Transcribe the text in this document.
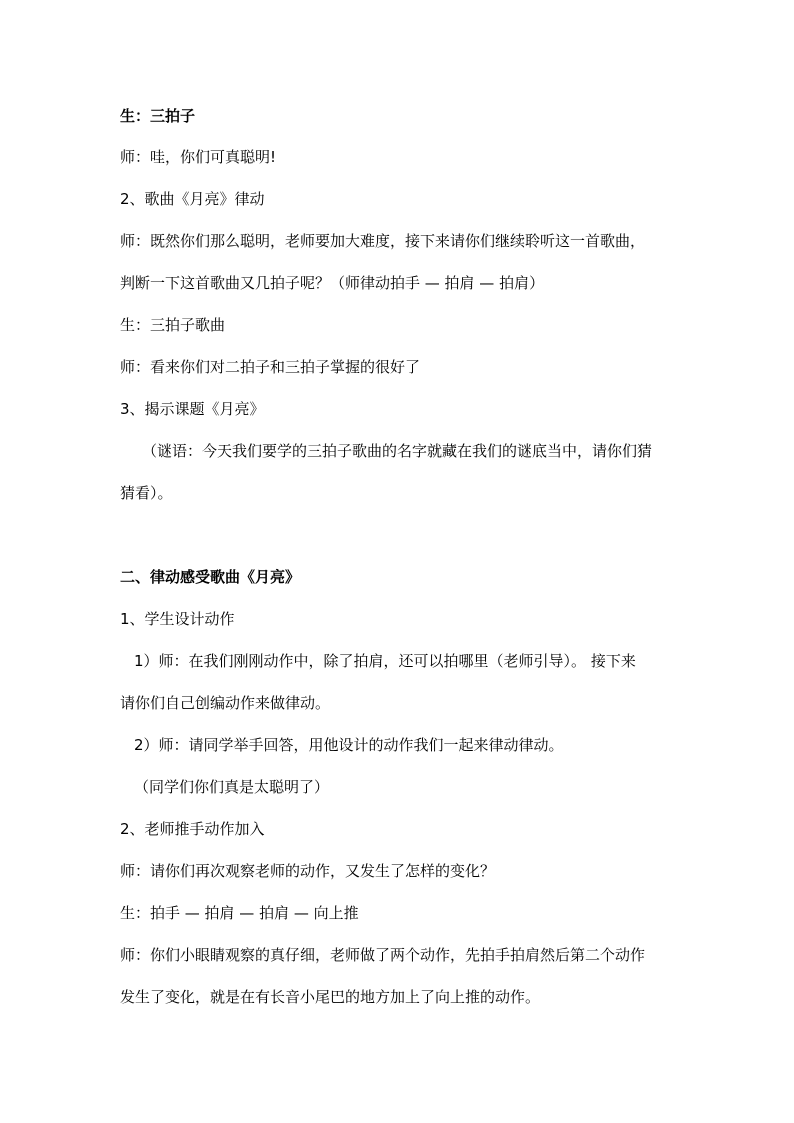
生：三拍子
师：哇，你们可真聪明!
2、歌曲《月亮》律动
师：既然你们那么聪明，老师要加大难度，接下来请你们继续聆听这一首歌曲，
判断一下这首歌曲又几拍子呢？（师律动拍手 — 拍肩 — 拍肩）
生：三拍子歌曲
师：看来你们对二拍子和三拍子掌握的很好了
3、揭示课题《月亮》
（谜语：今天我们要学的三拍子歌曲的名字就藏在我们的谜底当中，请你们猜
猜看）。
二、律动感受歌曲《月亮》
1、学生设计动作
1）师：在我们刚刚动作中，除了拍肩，还可以拍哪里（老师引导）。 接下来
请你们自己创编动作来做律动。
2）师：请同学举手回答，用他设计的动作我们一起来律动律动。
（同学们你们真是太聪明了）
2、老师推手动作加入
师：请你们再次观察老师的动作，又发生了怎样的变化？
生：拍手 — 拍肩 — 拍肩 — 向上推
师：你们小眼睛观察的真仔细，老师做了两个动作，先拍手拍肩然后第二个动作
发生了变化，就是在有长音小尾巴的地方加上了向上推的动作。
